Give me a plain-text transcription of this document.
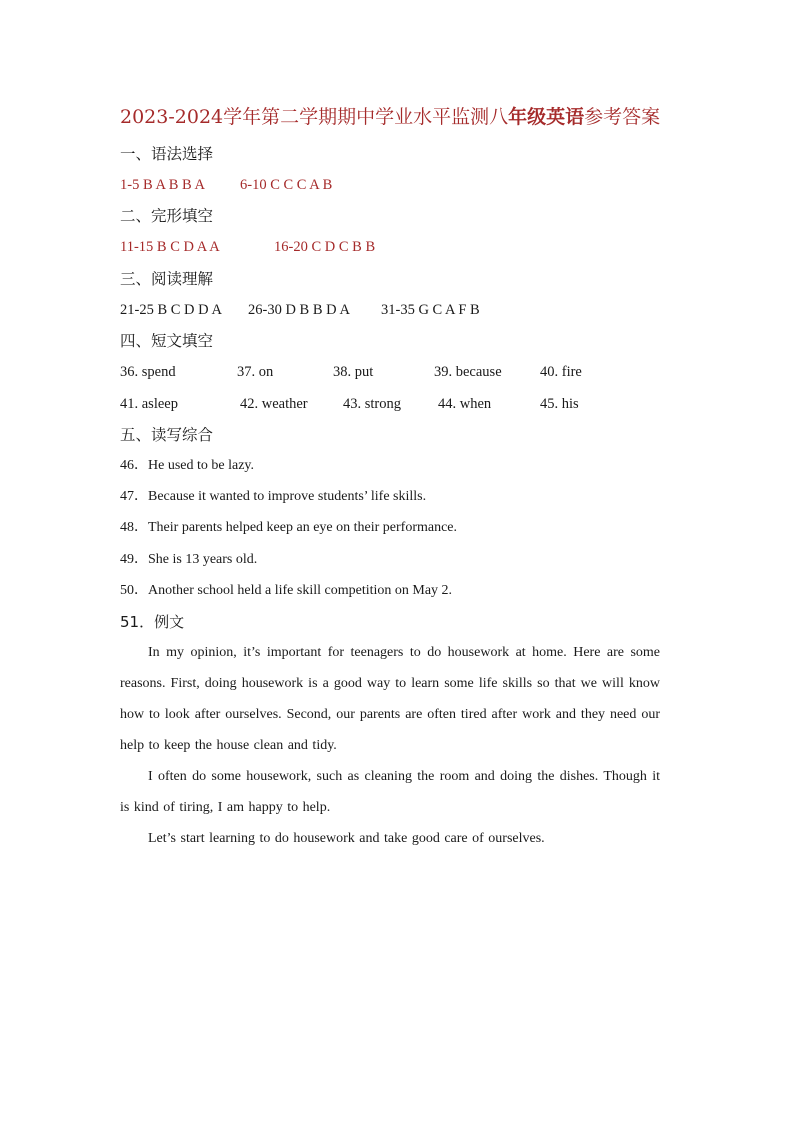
2023-2024学年第二学期期中学业水平监测八年级英语参考答案
一、语法选择
1-5 B A B B A 6-10 C C C A B
二、完形填空
11-15 B C D A A	16-20 C D C B B
三、阅读理解
21-25 B C D D A 26-30 D B B D A 31-35 G C A F B
四、短文填空
36. spend	37. on	38. put	39. because	40. fire
41. asleep	42. weather 43. strong	44. when	45. his
五、读写综合
46．He used to be lazy.
47．Because it wanted to improve students’ life skills.
48．Their parents helped keep an eye on their performance.
49．She is 13 years old.
50．Another school held a life skill competition on May 2.
51．例文

In my opinion, it’s important for teenagers to do housework at home. Here are some reasons. First, doing housework is a good way to learn some life skills so that we will know how to look after ourselves. Second, our parents are often tired after work and they need our help to keep the house clean and tidy.

I often do some housework, such as cleaning the room and doing the dishes. Though it is kind of tiring, I am happy to help.

Let’s start learning to do housework and take good care of ourselves.
